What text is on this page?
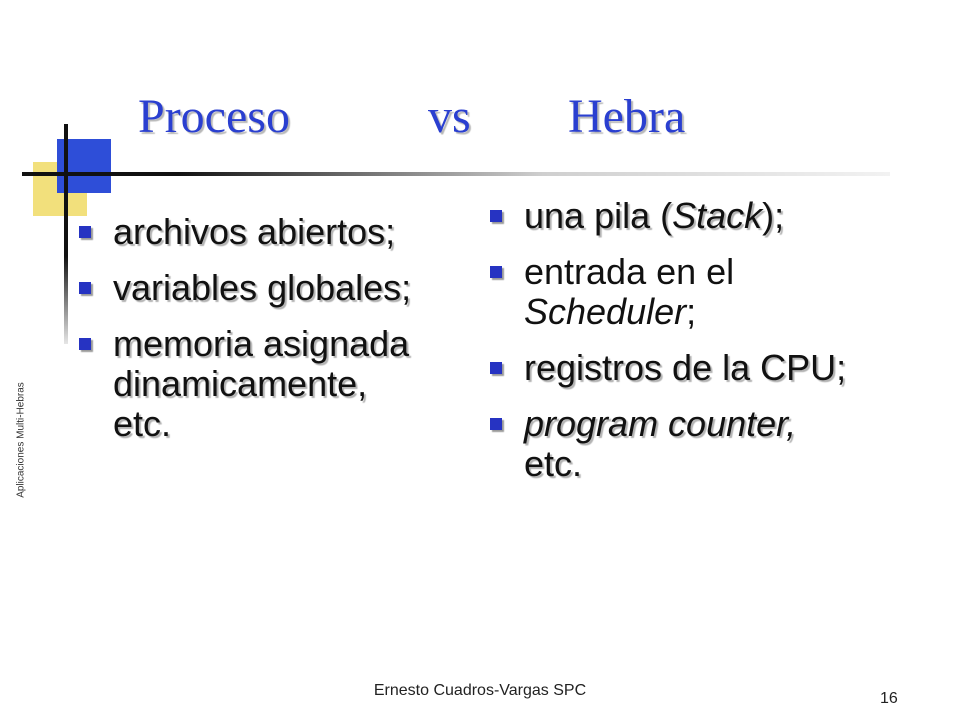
Proceso	vs	Hebra
archivos abiertos;
variables globales;
memoria asignada
dinamicamente,
etc.
una pila (Stack);
entrada en el
Scheduler;
registros de la CPU;
program counter,
etc.
Aplicaciones Multi-Hebras
Ernesto Cuadros-Vargas SPC	16
